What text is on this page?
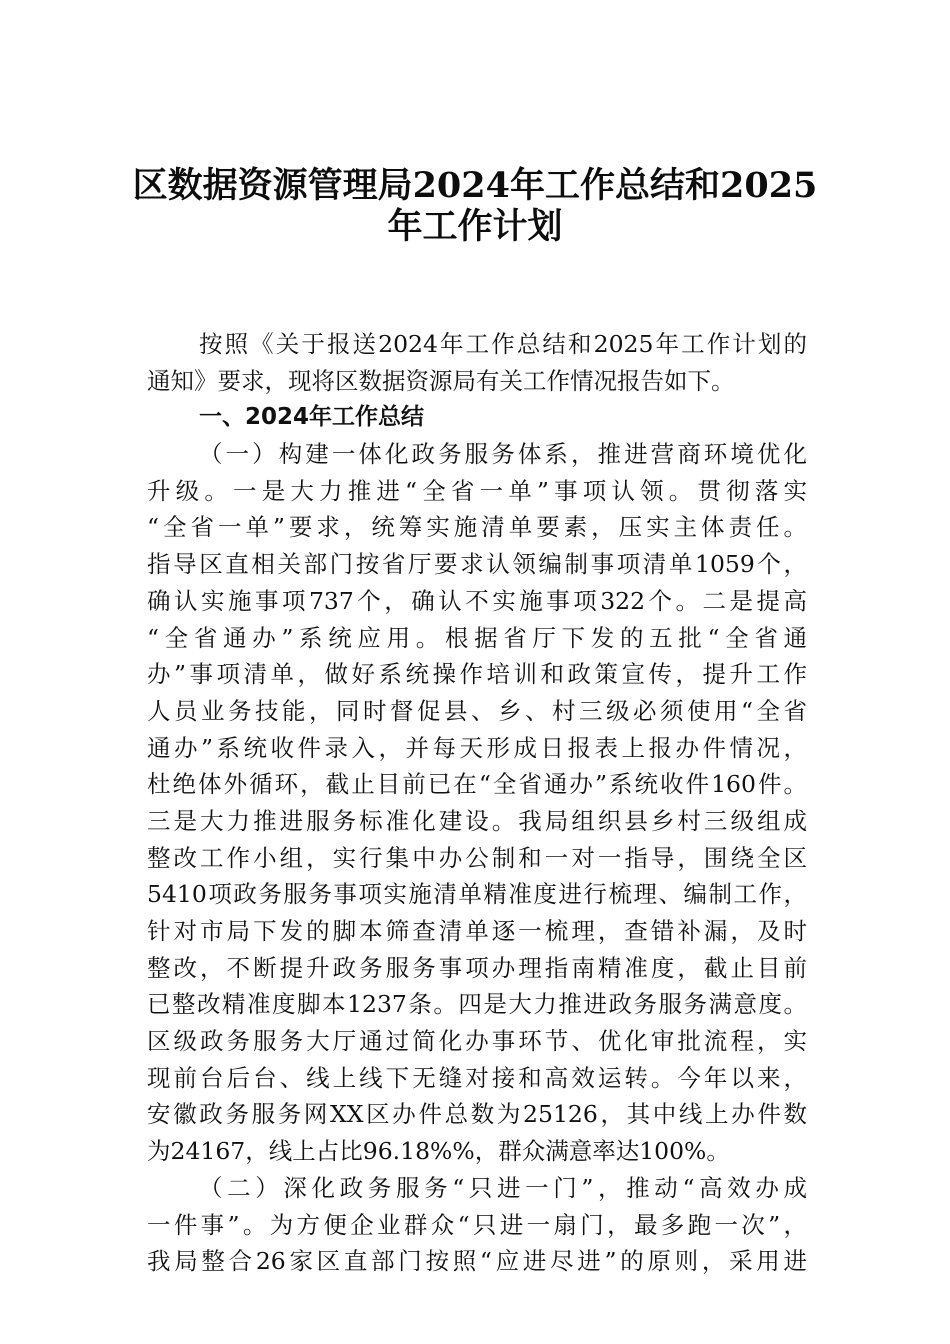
区数据资源管理局2024年工作总结和2025
年工作计划
按照《关于报送2024年工作总结和2025年工作计划的
通知》要求，现将区数据资源局有关工作情况报告如下。
一、2024年工作总结
（一）构建一体化政务服务体系，推进营商环境优化
升级。一是大力推进“全省一单”事项认领。贯彻落实
“全省一单”要求，统筹实施清单要素，压实主体责任。
指导区直相关部门按省厅要求认领编制事项清单1059个，
确认实施事项737个，确认不实施事项322个。二是提高
“全省通办”系统应用。根据省厅下发的五批“全省通
办”事项清单，做好系统操作培训和政策宣传，提升工作
人员业务技能，同时督促县、乡、村三级必须使用“全省
通办”系统收件录入，并每天形成日报表上报办件情况，
杜绝体外循环，截止目前已在“全省通办”系统收件160件。
三是大力推进服务标准化建设。我局组织县乡村三级组成
整改工作小组，实行集中办公制和一对一指导，围绕全区
5410项政务服务事项实施清单精准度进行梳理、编制工作，
针对市局下发的脚本筛查清单逐一梳理，查错补漏，及时
整改，不断提升政务服务事项办理指南精准度，截止目前
已整改精准度脚本1237条。四是大力推进政务服务满意度。
区级政务服务大厅通过简化办事环节、优化审批流程，实
现前台后台、线上线下无缝对接和高效运转。今年以来，
安徽政务服务网XX区办件总数为25126，其中线上办件数
为24167，线上占比96.18%%，群众满意率达100%。
（二）深化政务服务“只进一门”，推动“高效办成
一件事”。为方便企业群众“只进一扇门，最多跑一次”，
我局整合26家区直部门按照“应进尽进”的原则，采用进
